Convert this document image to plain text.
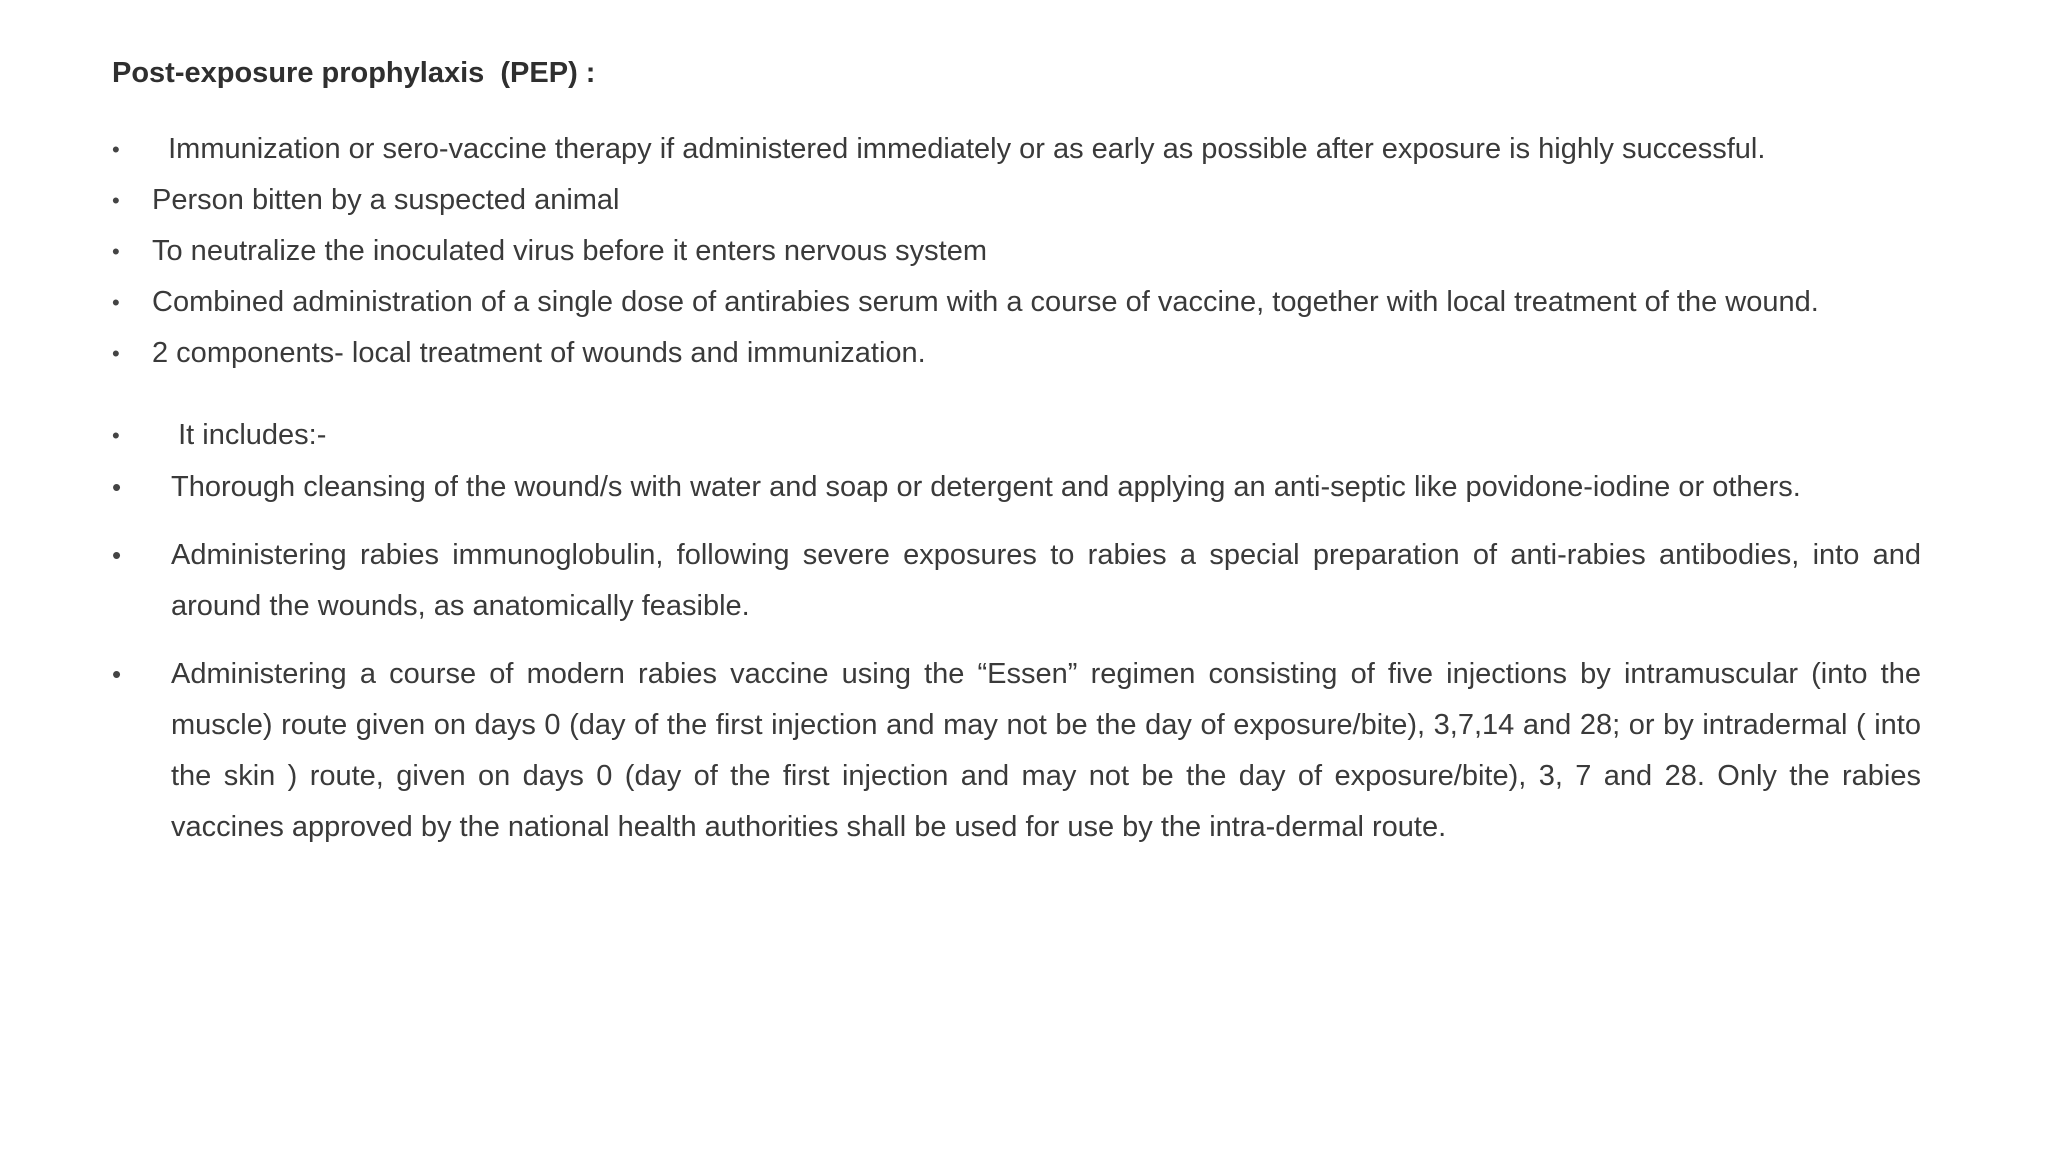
Post-exposure prophylaxis  (PEP) :
•	Immunization or sero-vaccine therapy if administered immediately or as early as possible after exposure is highly successful.
•	Person bitten by a suspected animal
•	To neutralize the inoculated virus before it enters nervous system
•	Combined administration of a single dose of antirabies serum with a course of vaccine, together with local treatment of the wound.
•	2 components- local treatment of wounds and immunization.
•	It includes:-
•	Thorough cleansing of the wound/s with water and soap or detergent and applying an anti-septic like povidone-iodine or others.
•	Administering rabies immunoglobulin, following severe exposures to rabies a special preparation of anti-rabies antibodies, into and around the wounds, as anatomically feasible.
•	Administering a course of modern rabies vaccine using the “Essen” regimen consisting of five injections by intramuscular (into the muscle) route given on days 0 (day of the first injection and may not be the day of exposure/bite), 3,7,14 and 28; or by intradermal ( into the skin ) route, given on days 0 (day of the first injection and may not be the day of exposure/bite), 3, 7 and 28. Only the rabies vaccines approved by the national health authorities shall be used for use by the intra-dermal route.
